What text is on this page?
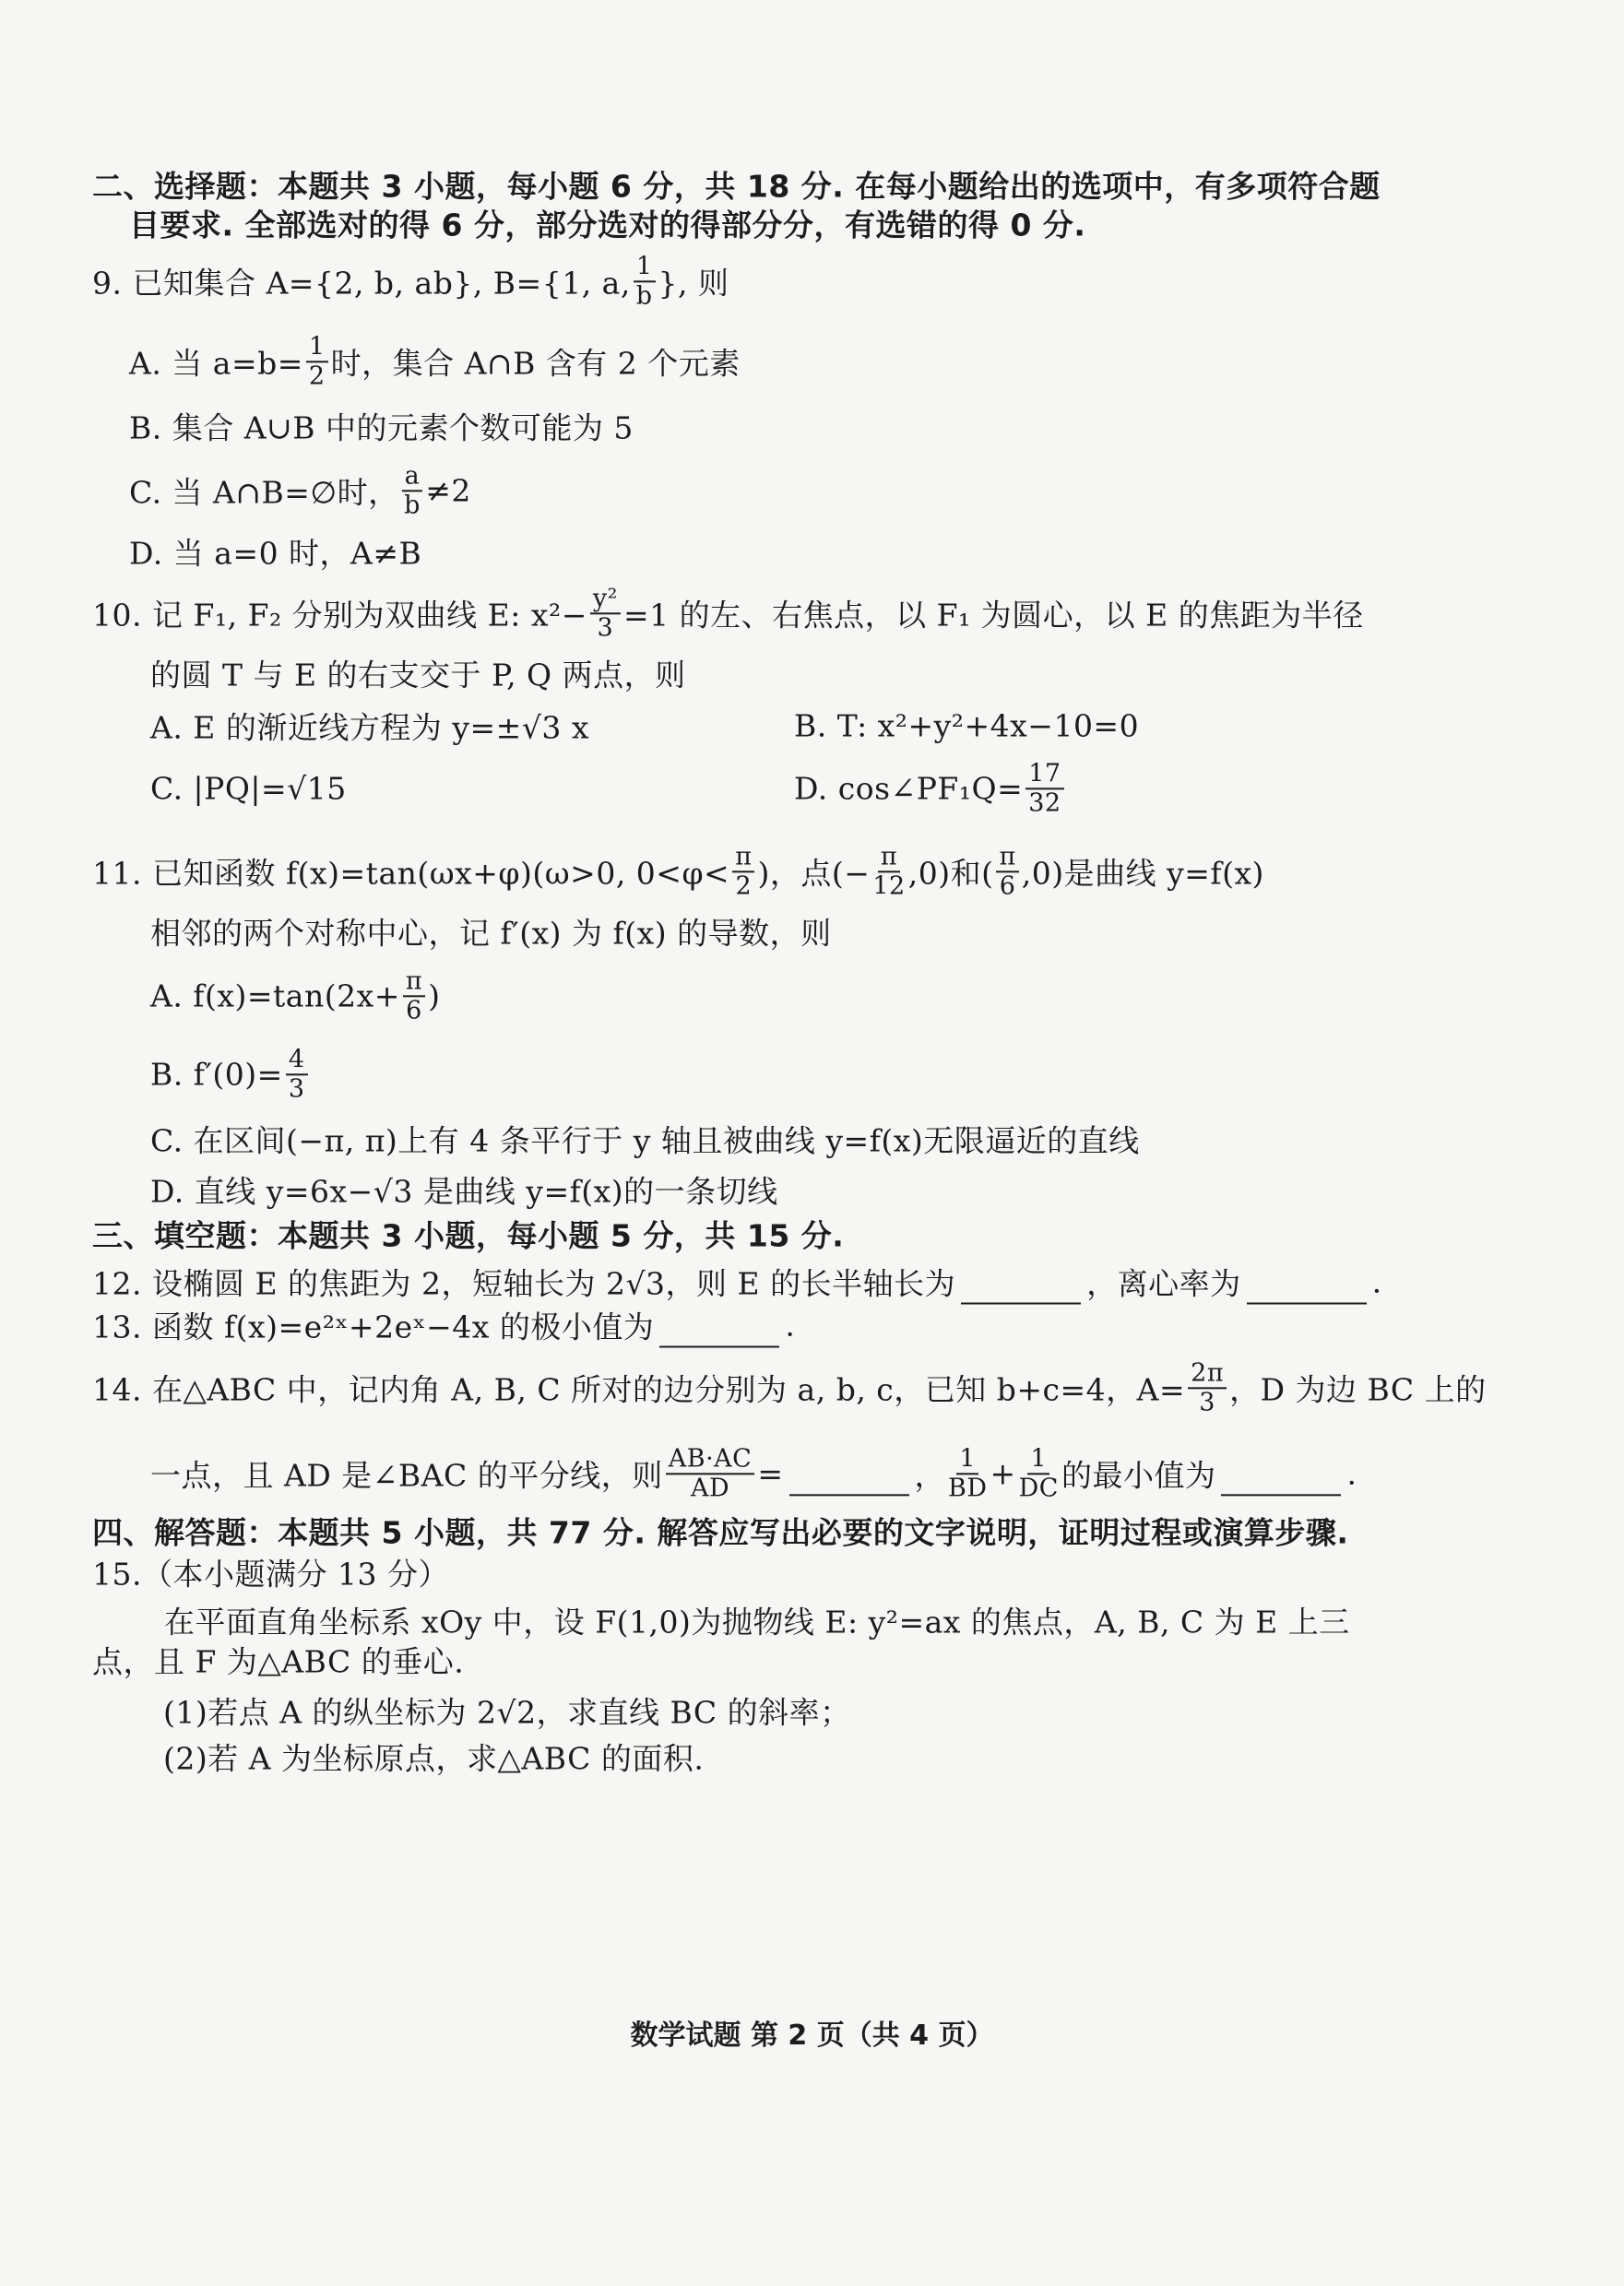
二、选择题：本题共 3 小题，每小题 6 分，共 18 分. 在每小题给出的选项中，有多项符合题
目要求. 全部选对的得 6 分，部分选对的得部分分，有选错的得 0 分.
9. 已知集合 A={2, b, ab}, B={1, a, $\frac{1}{b}$ }, 则
A. 当 $a=b= \frac{1}{2}$ 时，集合 A∩B 含有 2 个元素
B. 集合 A∪B 中的元素个数可能为 5
C. 当 A∩B=∅时， $\frac{a}{b} \ne 2$
D. 当 a=0 时，A≠B
10. 记 F₁, F₂ 分别为双曲线 E: $x^2- \frac{\text{y²}}{3} =1$ 的左、右焦点，以 F₁ 为圆心，以 E 的焦距为半径
的圆 T 与 E 的右支交于 P, Q 两点，则
A. E 的渐近线方程为 y=±√3 x	B. T: x²+y²+4x−10=0
C. |PQ|=√15	D. cos∠PF₁Q= $\frac{17}{32}$
11. 已知函数 f(x)=tan(ωx+φ)(ω>0, $0<\varphi< \frac{\pi}{2}$ )，点(− $\frac{\pi}{12} ,0$)和( $\frac{\pi}{6} ,0$)是曲线 y=f(x)
相邻的两个对称中心，记 f′(x) 为 f(x) 的导数，则
A. $f(x)=\tan(2x+ \frac{\pi}{6}$ )
B. $f'(0)= \frac{4}{3}$
C. 在区间(−π, π)上有 4 条平行于 y 轴且被曲线 y=f(x)无限逼近的直线
D. 直线 y=6x−√3 是曲线 y=f(x)的一条切线
三、填空题：本题共 3 小题，每小题 5 分，共 15 分.
12. 设椭圆 E 的焦距为 2，短轴长为 2√3，则 E 的长半轴长为	，离心率为	.
13. 函数 f(x)=e²ˣ+2eˣ−4x 的极小值为	.
14. 在△ABC 中，记内角 A, B, C 所对的边分别为 a, b, c，已知 b+c=4，$A= \frac{2\pi}{3}$ ，D 为边 BC 上的
一点，且 AD 是∠BAC 的平分线，则 $\frac{AB\cdot AC}{AD}$ =	， $\frac{1}{BD} + \frac{1}{DC}$ 的最小值为	.
四、解答题：本题共 5 小题，共 77 分. 解答应写出必要的文字说明，证明过程或演算步骤.
15.（本小题满分 13 分）
在平面直角坐标系 xOy 中，设 F(1,0)为抛物线 E: y²=ax 的焦点，A, B, C 为 E 上三
点，且 F 为△ABC 的垂心.
(1)若点 A 的纵坐标为 2√2，求直线 BC 的斜率；
(2)若 A 为坐标原点，求△ABC 的面积.
数学试题 第 2 页（共 4 页）
